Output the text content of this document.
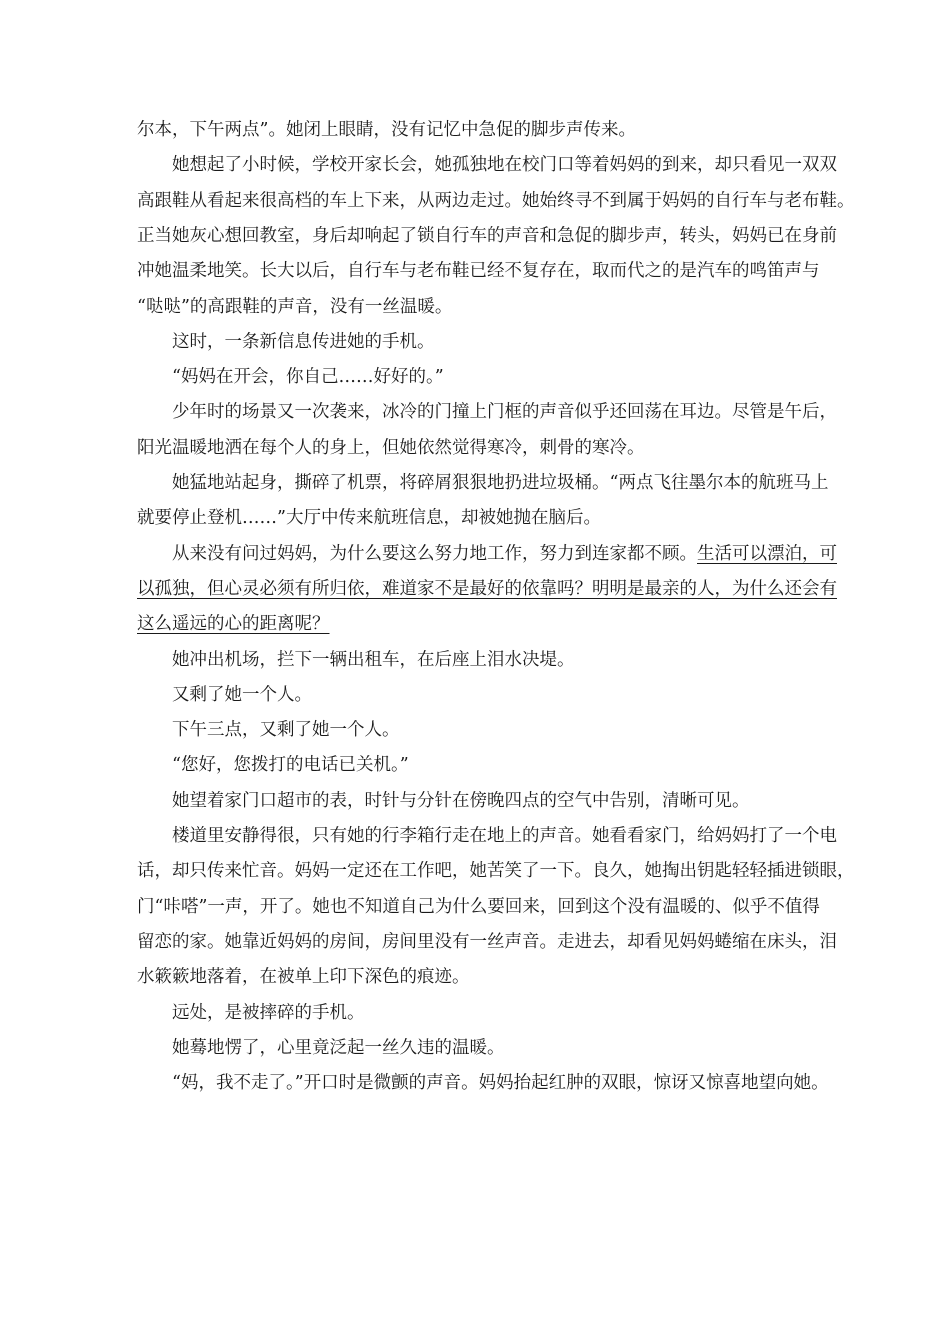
尔本，下午两点”。她闭上眼睛，没有记忆中急促的脚步声传来。
她想起了小时候，学校开家长会，她孤独地在校门口等着妈妈的到来，却只看见一双双
高跟鞋从看起来很高档的车上下来，从两边走过。她始终寻不到属于妈妈的自行车与老布鞋。
正当她灰心想回教室，身后却响起了锁自行车的声音和急促的脚步声，转头，妈妈已在身前
冲她温柔地笑。长大以后，自行车与老布鞋已经不复存在，取而代之的是汽车的鸣笛声与
“哒哒”的高跟鞋的声音，没有一丝温暖。
这时，一条新信息传进她的手机。
“妈妈在开会，你自己……好好的。”
少年时的场景又一次袭来，冰冷的门撞上门框的声音似乎还回荡在耳边。尽管是午后，
阳光温暖地洒在每个人的身上，但她依然觉得寒冷，刺骨的寒冷。
她猛地站起身，撕碎了机票，将碎屑狠狠地扔进垃圾桶。“两点飞往墨尔本的航班马上
就要停止登机……”大厅中传来航班信息，却被她抛在脑后。
从来没有问过妈妈，为什么要这么努力地工作，努力到连家都不顾。生活可以漂泊，可
以孤独，但心灵必须有所归依，难道家不是最好的依靠吗？明明是最亲的人，为什么还会有
这么遥远的心的距离呢？
她冲出机场，拦下一辆出租车，在后座上泪水决堤。
又剩了她一个人。
下午三点，又剩了她一个人。
“您好，您拨打的电话已关机。”
她望着家门口超市的表，时针与分针在傍晚四点的空气中告别，清晰可见。
楼道里安静得很，只有她的行李箱行走在地上的声音。她看看家门，给妈妈打了一个电
话，却只传来忙音。妈妈一定还在工作吧，她苦笑了一下。良久，她掏出钥匙轻轻插进锁眼，
门“咔嗒”一声，开了。她也不知道自己为什么要回来，回到这个没有温暖的、似乎不值得
留恋的家。她靠近妈妈的房间，房间里没有一丝声音。走进去，却看见妈妈蜷缩在床头，泪
水簌簌地落着，在被单上印下深色的痕迹。
远处，是被摔碎的手机。
她蓦地愣了，心里竟泛起一丝久违的温暖。
“妈，我不走了。”开口时是微颤的声音。妈妈抬起红肿的双眼，惊讶又惊喜地望向她。
